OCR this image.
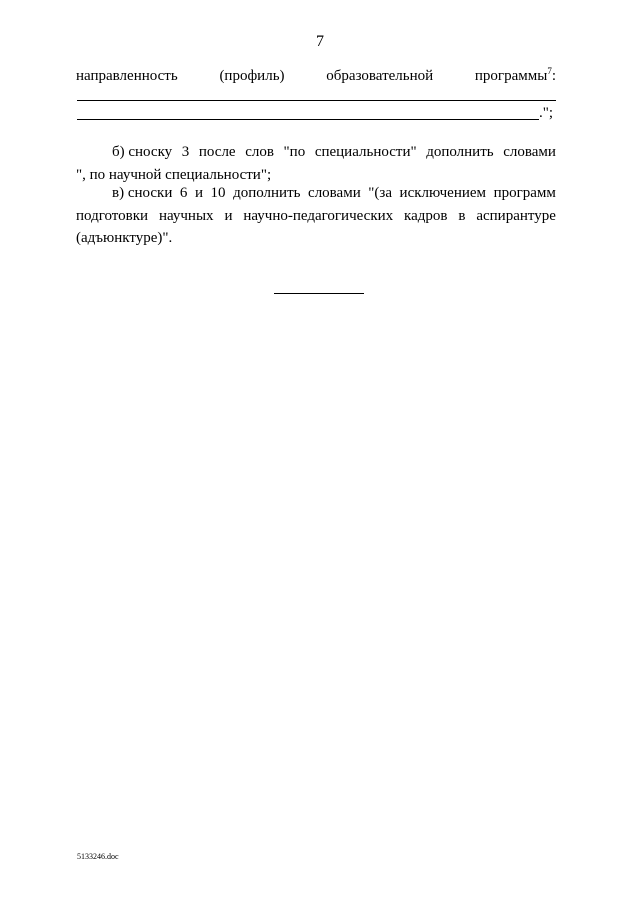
7
направленность	(профиль)	образовательной	программы$^7$:
.";
б) сноску 3 после слов "по специальности" дополнить словами
", по научной специальности";
в) сноски 6 и 10 дополнить словами "(за исключением программ
подготовки научных и научно-педагогических кадров в аспирантуре
(адъюнктуре)".
5133246.doc
